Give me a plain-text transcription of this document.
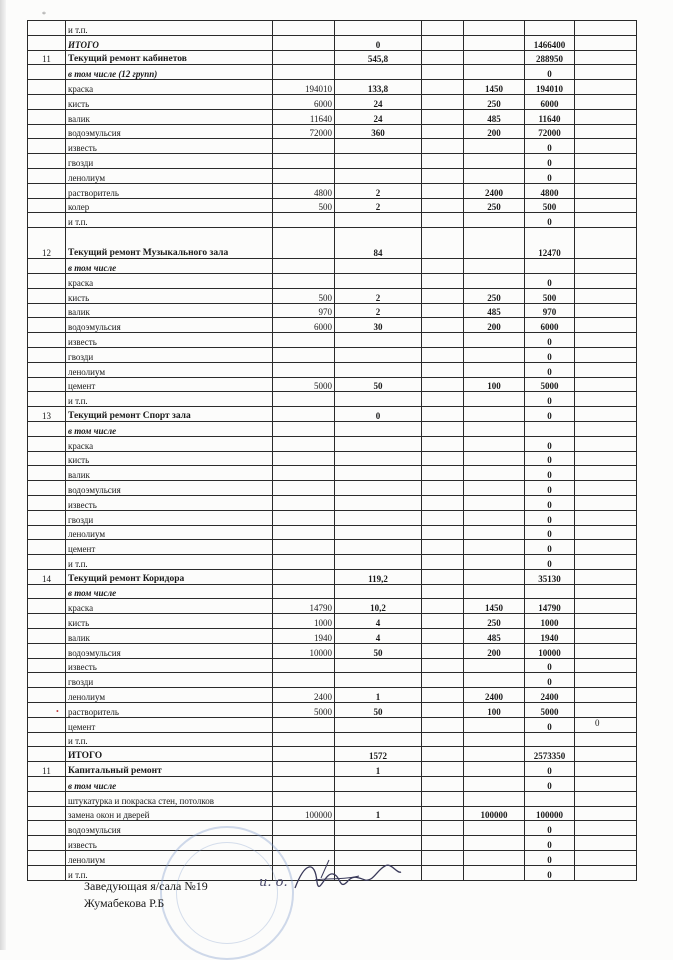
*
	и т.п.						
	ИТОГО		0			1466400	
11	Текущий ремонт кабинетов		545,8			288950	
	в том числе (12 групп)					0	
	краска	194010	133,8		1450	194010	
	кисть	6000	24		250	6000	
	валик	11640	24		485	11640	
	водоэмульсия	72000	360		200	72000	
	известь					0	
	гвозди					0	
	ленолиум					0	
	растворитель	4800	2		2400	4800	
	колер	500	2		250	500	
	и т.п.					0	
12	Текущий ремонт Музыкального зала		84			12470	
	в том числе						
	краска					0	
	кисть	500	2		250	500	
	валик	970	2		485	970	
	водоэмульсия	6000	30		200	6000	
	известь					0	
	гвозди					0	
	ленолиум					0	
	цемент	5000	50		100	5000	
	и т.п.					0	
13	Текущий ремонт Спорт зала		0			0	
	в том числе						
	краска					0	
	кисть					0	
	валик					0	
	водоэмульсия					0	
	известь					0	
	гвозди					0	
	ленолиум					0	
	цемент					0	
	и т.п.					0	
14	Текущий ремонт Коридора		119,2			35130	
	в том числе						
	краска	14790	10,2		1450	14790	
	кисть	1000	4		250	1000	
	валик	1940	4		485	1940	
	водоэмульсия	10000	50		200	10000	
	известь					0	
	гвозди					0	
	ленолиум	2400	1		2400	2400	
	растворитель	5000	50		100	5000	
	цемент					0	
	и т.п.						
	ИТОГО		1572			2573350	
11	Капитальный ремонт		1			0	
	в том числе					0	
	штукатурка и покраска стен, потолков						
	замена окон и дверей	100000	1		100000	100000	
	водоэмульсия					0	
	известь					0	
	ленолиум					0	
	и т.п.					0	
•
0
и. о.
Заведующая я/сала №19
Жумабекова Р.Б
